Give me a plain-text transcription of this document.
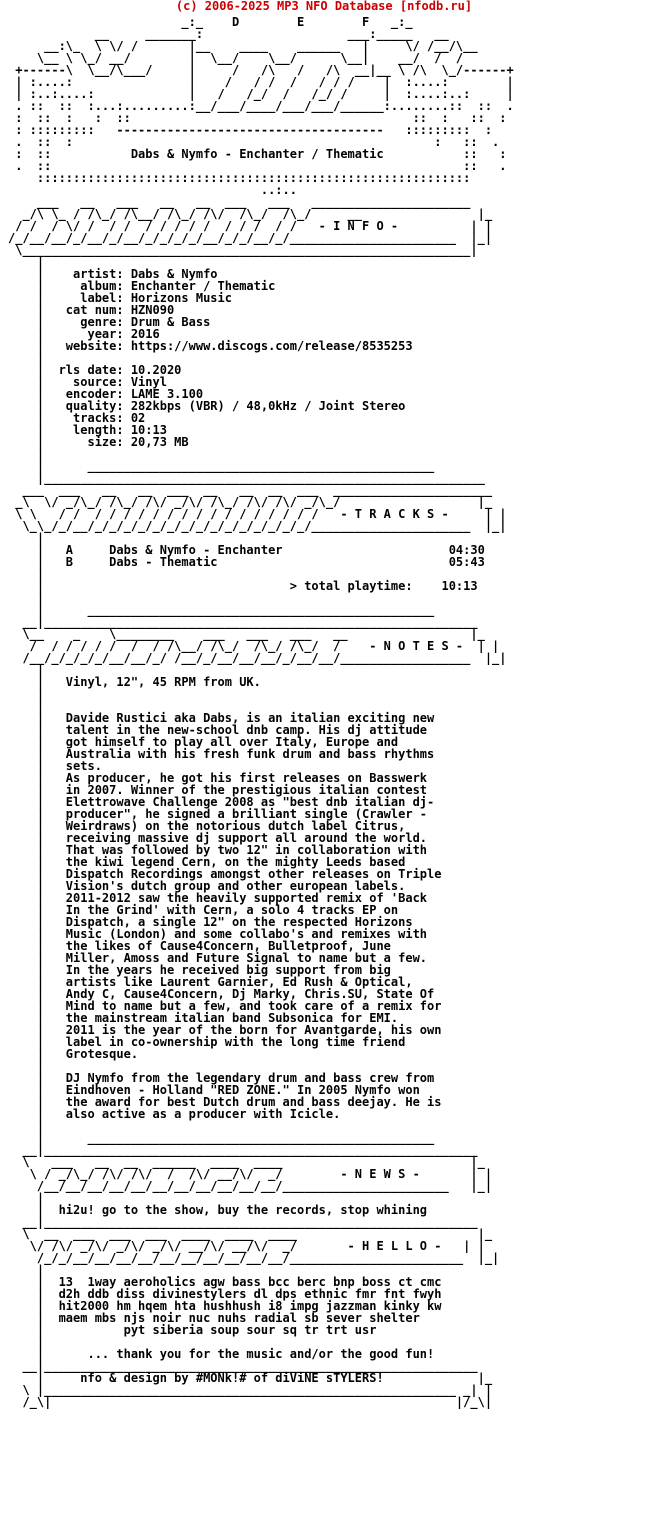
(c) 2006-2025 MP3 NFO Database [nfodb.ru]
_:_    D        E        F   _:_
__     _______:                    ___:_____   __
__:\_  \ \/ /       |__    ____    ______   |     \/ /__/\__
\__ \ \_/ __/        |  \__/    \__/      \__|    __/  /  /
+------\  \__/\___/     |     /   /\   /   /\  __|__ \ /\  \_/------+
| :....:                |    /   / /  /   / / /    |  :....:        |
| :..:....:             |   /   /_/  /   /_/ /     |  :....:..:     |
. ::  ::  :...:.........:__/___/____/___/___/______:........::  ::  .
:  ::  :   :  ::                                       ::  :   ::  :
: :::::::::   -------------------------------------   :::::::::  :
.  ::  :                                                  :   ::  .
:  ::           Dabs & Nymfo - Enchanter / Thematic           ::   :
.  ::                                                         ::   .
::::::::::::::::::::::::::::::::::::::::::::::::::::::::::::
..:..
___   __   ___   __   __  ___   ___   ______________________
_/\ \_ / /\_/ /\__/ /\_/ /\/  /\_/  /\_/     __                |_
/ /  / \/ /  / /  / / / / /  / / /  / /   - I N F O -          | |
/_/__/__/_/__/_/__/_/_/_/_/__/_/_/__/_/_______________________  |_|
\______________________________________________________________|
|
|    artist: Dabs & Nymfo
|     album: Enchanter / Thematic
|     label: Horizons Music
|   cat num: HZN090
|     genre: Drum & Bass
|      year: 2016
|   website: https://www.discogs.com/release/8535253
|
|  rls date: 10.2020
|    source: Vinyl
|   encoder: LAME 3.100
|   quality: 282kbps (VBR) / 48,0kHz / Joint Stereo
|    tracks: 02
|    length: 10:13
|      size: 20,73 MB
|
|      ________________________________________________
|_____________________________________________________________
___  ___   __   __  ___  __   __  __  ___  ______________________
_\  \/ _/\_/ /\_/ /\/ _/\/ /\_/ /\/ /\/ _/\_/                   |_
\ \   / /  / / / / / / / / / / / / / / / /   - T R A C K S -     | |
\_\_/_/__/_/_/_/_/_/_/_/_/_/_/_/_/_/_/_/______________________  |_|
|
|   A     Dabs & Nymfo - Enchanter                       04:30
|   B     Dabs - Thematic                                05:43
|
|                                  > total playtime:    10:13
|
|      ________________________________________________
__|____________________________________________________________
\__    _    \________    ___   ___   ___   __                 |_
/  / / / / /  /  / /\__/ /\_/  /\_/ /\_/  /    - N O T E S -  | |
/__/_/_/_/_/__/__/_/ /__/_/__/__/__/_/__/__/__________________  |_|
|
|   Vinyl, 12", 45 RPM from UK.
|
|
|   Davide Rustici aka Dabs, is an italian exciting new
|   talent in the new-school dnb camp. His dj attitude
|   got himself to play all over Italy, Europe and
|   Australia with his fresh funk drum and bass rhythms
|   sets.
|   As producer, he got his first releases on Basswerk
|   in 2007. Winner of the prestigious italian contest
|   Elettrowave Challenge 2008 as "best dnb italian dj-
|   producer", he signed a brilliant single (Crawler -
|   Weirdraws) on the notorious dutch label Citrus,
|   receiving massive dj support all around the world.
|   That was followed by two 12" in collaboration with
|   the kiwi legend Cern, on the mighty Leeds based
|   Dispatch Recordings amongst other releases on Triple
|   Vision's dutch group and other european labels.
|   2011-2012 saw the heavily supported remix of 'Back
|   In the Grind' with Cern, a solo 4 tracks EP on
|   Dispatch, a single 12" on the respected Horizons
|   Music (London) and some collabo's and remixes with
|   the likes of Cause4Concern, Bulletproof, June
|   Miller, Amoss and Future Signal to name but a few.
|   In the years he received big support from big
|   artists like Laurent Garnier, Ed Rush & Optical,
|   Andy C, Cause4Concern, Dj Marky, Chris.SU, State Of
|   Mind to name but a few, and took care of a remix for
|   the mainstream italian band Subsonica for EMI.
|   2011 is the year of the born for Avantgarde, his own
|   label in co-ownership with the long time friend
|   Grotesque.
|
|   DJ Nymfo from the legendary drum and bass crew from
|   Eindhoven - Holland "RED ZONE." In 2005 Nymfo won
|   the award for best Dutch drum and bass deejay. He is
|   also active as a producer with Icicle.
|
|      ________________________________________________
__|____________________________________________________________
\   ___   __  __  ______  ____  ____                          |_
\ / _/\_/ /\/ /\/  /  /\/ __/\/  _/        - N E W S -       | |
/__/__/__/__/__/__/__/__/__/__/__/_______________________   |_|
|
|  hi2u! go to the show, buy the records, stop whining
__|____________________________________________________________
\  __  ___  ___  ___  ____  ____  ____                         |_
\/ /\/ _/\/ _/\/ _/\/ __/\/ __/\/  _/       - H E L L O -   | |
/_/_/__/__/__/__/__/__/__/__/__/__/________________________  |_|
|
|  13  1way aeroholics agw bass bcc berc bnp boss ct cmc
|  d2h ddb diss divinestylers dl dps ethnic fmr fnt fwyh
|  hit2000 hm hqem hta hushhush i8 impg jazzman kinky kw
|  maem mbs njs noir nuc nuhs radial sb sever shelter
|           pyt siberia soup sour sq tr trt usr
|
|      ... thank you for the music and/or the good fun!
__|____________________________________________________________
|     nfo & design by #MONk!# of diViNE sTYLERS!             |_
\ |_________________________________________________________ _| |
/_\|                                                        |/_\|
